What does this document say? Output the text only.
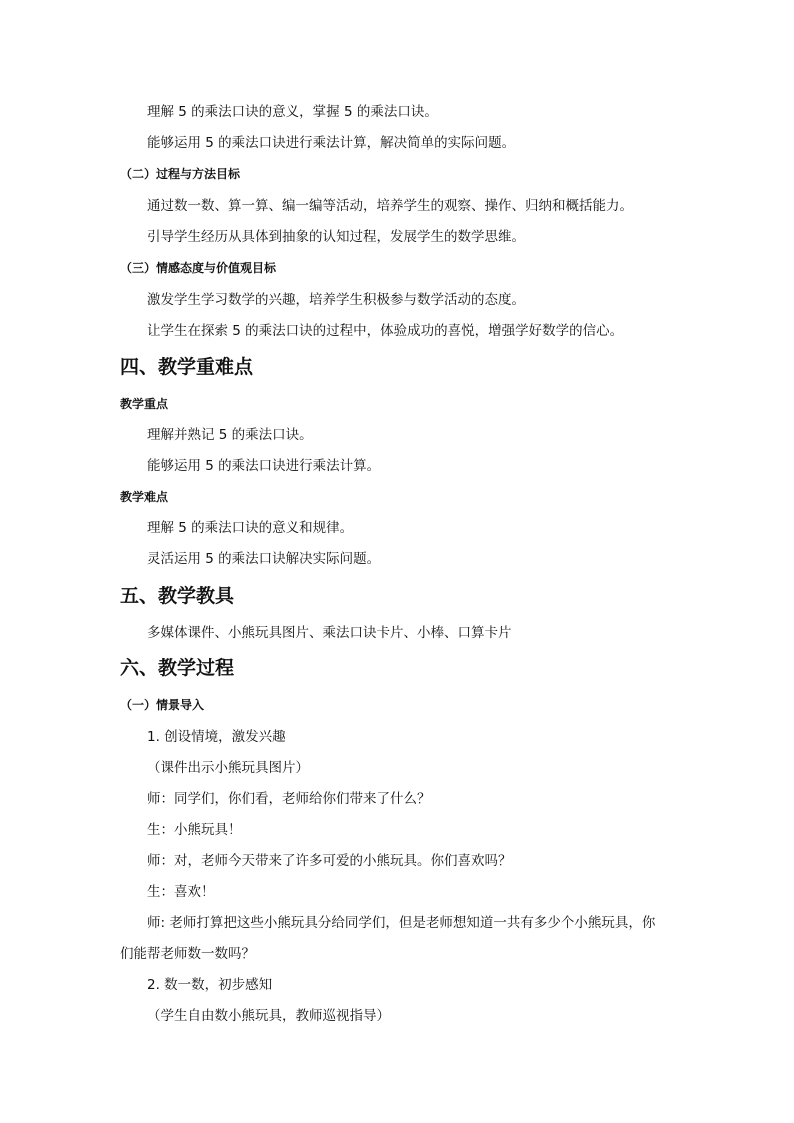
理解 5 的乘法口诀的意义，掌握 5 的乘法口诀。
能够运用 5 的乘法口诀进行乘法计算，解决简单的实际问题。
（二）过程与方法目标
通过数一数、算一算、编一编等活动，培养学生的观察、操作、归纳和概括能力。
引导学生经历从具体到抽象的认知过程，发展学生的数学思维。
（三）情感态度与价值观目标
激发学生学习数学的兴趣，培养学生积极参与数学活动的态度。
让学生在探索 5 的乘法口诀的过程中，体验成功的喜悦，增强学好数学的信心。
四、教学重难点
教学重点
理解并熟记 5 的乘法口诀。
能够运用 5 的乘法口诀进行乘法计算。
教学难点
理解 5 的乘法口诀的意义和规律。
灵活运用 5 的乘法口诀解决实际问题。
五、教学教具
多媒体课件、小熊玩具图片、乘法口诀卡片、小棒、口算卡片
六、教学过程
（一）情景导入
1. 创设情境，激发兴趣
（课件出示小熊玩具图片）
师：同学们，你们看，老师给你们带来了什么？
生：小熊玩具！
师：对，老师今天带来了许多可爱的小熊玩具。你们喜欢吗？
生：喜欢！
师: 老师打算把这些小熊玩具分给同学们，但是老师想知道一共有多少个小熊玩具，你
们能帮老师数一数吗？
2. 数一数，初步感知
（学生自由数小熊玩具，教师巡视指导）
